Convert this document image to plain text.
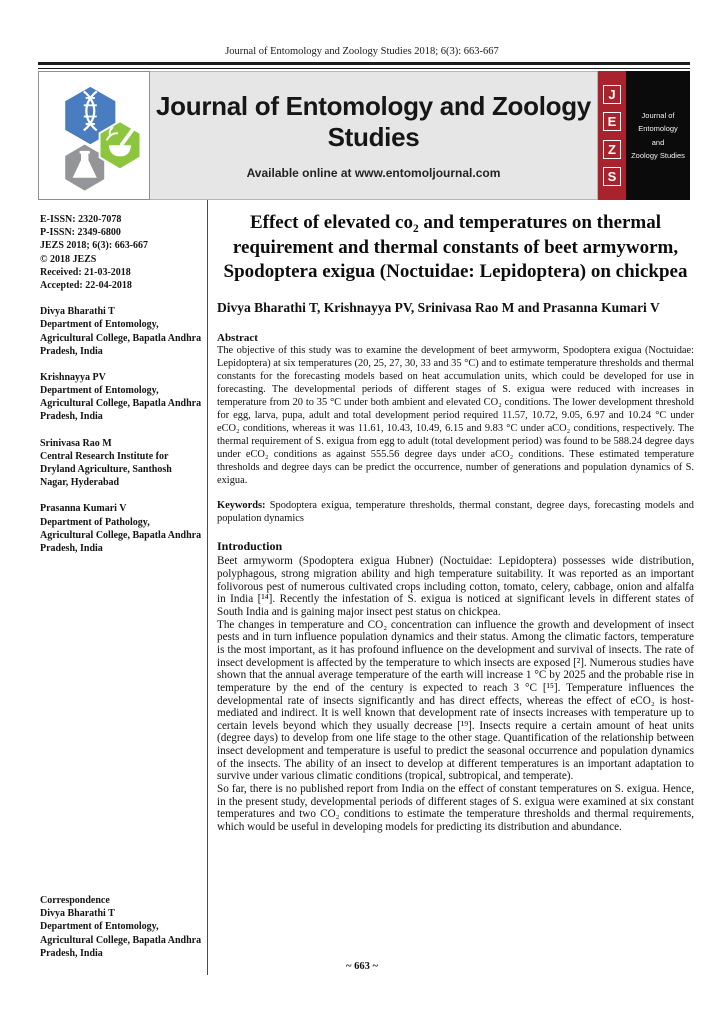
Journal of Entomology and Zoology Studies 2018; 6(3): 663-667
Journal of Entomology and Zoology Studies
Available online at www.entomoljournal.com
J
E
Z
S
Journal of
Entomology
and
Zoology Studies
E-ISSN: 2320-7078
P-ISSN: 2349-6800
JEZS 2018; 6(3): 663-667
© 2018 JEZS
Received: 21-03-2018
Accepted: 22-04-2018
Divya Bharathi T
Department of Entomology, Agricultural College, Bapatla Andhra Pradesh, India
Krishnayya PV
Department of Entomology, Agricultural College, Bapatla Andhra Pradesh, India
Srinivasa Rao M
Central Research Institute for Dryland Agriculture, Santhosh Nagar, Hyderabad
Prasanna Kumari V
Department of Pathology, Agricultural College, Bapatla Andhra Pradesh, India
Correspondence
Divya Bharathi T
Department of Entomology, Agricultural College, Bapatla Andhra Pradesh, India
Effect of elevated co₂ and temperatures on thermal requirement and thermal constants of beet armyworm, Spodoptera exigua (Noctuidae: Lepidoptera) on chickpea

Divya Bharathi T, Krishnayya PV, Srinivasa Rao M and Prasanna Kumari V

Abstract

The objective of this study was to examine the development of beet armyworm, Spodoptera exigua (Noctuidae: Lepidoptera) at six temperatures (20, 25, 27, 30, 33 and 35 °C) and to estimate temperature thresholds and thermal constants for the forecasting models based on heat accumulation units, which could be developed for use in forecasting. The developmental periods of different stages of S. exigua were reduced with increases in temperature from 20 to 35 °C under both ambient and elevated CO₂ conditions. The lower development threshold for egg, larva, pupa, adult and total development period required 11.57, 10.72, 9.05, 6.97 and 10.24 °C under eCO₂ conditions, whereas it was 11.61, 10.43, 10.49, 6.15 and 9.83 °C under aCO₂ conditions, respectively. The thermal requirement of S. exigua from egg to adult (total development period) was found to be 588.24 degree days under eCO₂ conditions as against 555.56 degree days under aCO₂ conditions. These estimated temperature thresholds and degree days can be predict the occurrence, number of generations and population dynamics of S. exigua.

Keywords: Spodoptera exigua, temperature thresholds, thermal constant, degree days, forecasting models and population dynamics

Introduction

Beet armyworm (Spodoptera exigua Hubner) (Noctuidae: Lepidoptera) possesses wide distribution, polyphagous, strong migration ability and high temperature suitability. It was reported as an important folivorous pest of numerous cultivated crops including cotton, tomato, celery, cabbage, onion and alfalfa in India [¹⁴]. Recently the infestation of S. exigua is noticed at significant levels in different states of South India and is gaining major insect pest status on chickpea.

The changes in temperature and CO₂ concentration can influence the growth and development of insect pests and in turn influence population dynamics and their status. Among the climatic factors, temperature is the most important, as it has profound influence on the development and survival of insects. The rate of insect development is affected by the temperature to which insects are exposed [²]. Numerous studies have shown that the annual average temperature of the earth will increase 1 °C by 2025 and the probable rise in temperature by the end of the century is expected to reach 3 °C [¹⁵]. Temperature influences the developmental rate of insects significantly and has direct effects, whereas the effect of eCO₂ is host-mediated and indirect. It is well known that development rate of insects increases with temperature up to certain levels beyond which they usually decrease [¹⁹]. Insects require a certain amount of heat units (degree days) to develop from one life stage to the other stage. Quantification of the relationship between insect development and temperature is useful to predict the seasonal occurrence and population dynamics of the insects. The ability of an insect to develop at different temperatures is an important adaptation to survive under various climatic conditions (tropical, subtropical, and temperate).

So far, there is no published report from India on the effect of constant temperatures on S. exigua. Hence, in the present study, developmental periods of different stages of S. exigua were examined at six constant temperatures and two CO₂ conditions to estimate the temperature thresholds and thermal requirements, which would be useful in developing models for predicting its distribution and abundance.

~ 663 ~
